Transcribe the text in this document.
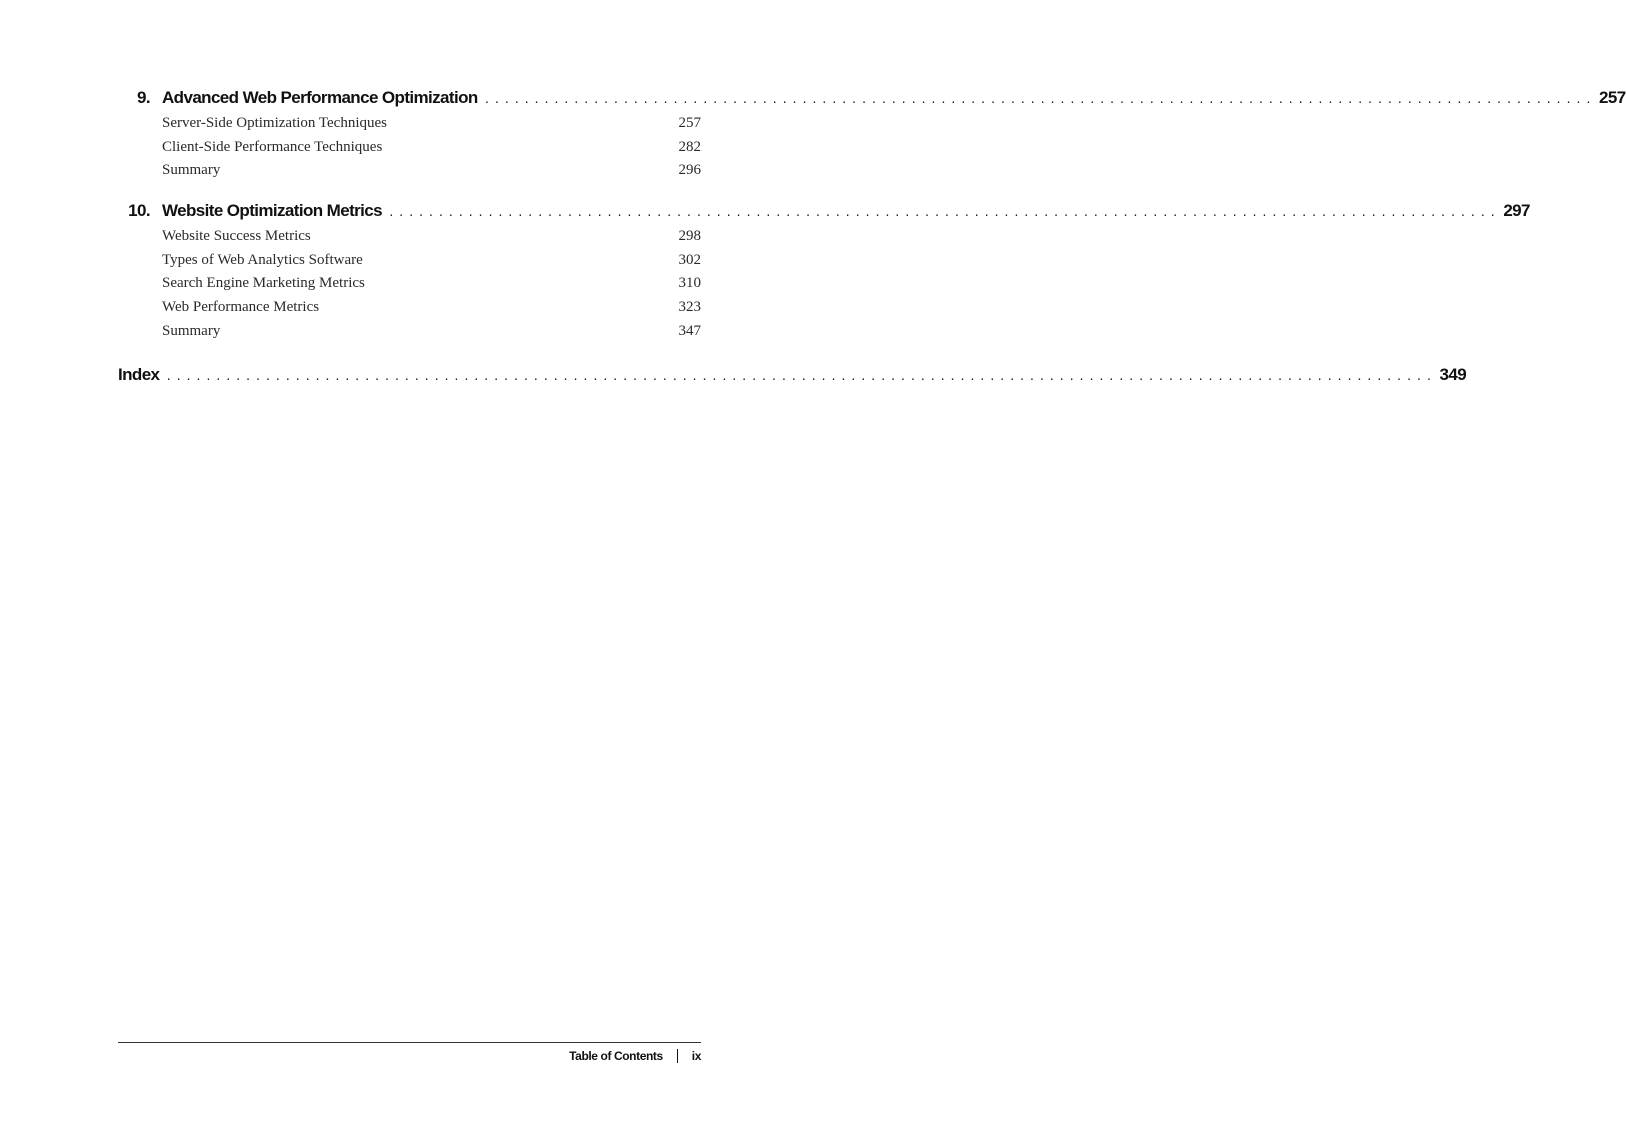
9. Advanced Web Performance Optimization ................................................................................................................ 257
Server-Side Optimization Techniques	257
Client-Side Performance Techniques	282
Summary	296
10. Website Optimization Metrics ................................................................................................................ 297
Website Success Metrics	298
Types of Web Analytics Software	302
Search Engine Marketing Metrics	310
Web Performance Metrics	323
Summary	347
Index ................................................................................................................................ 349
Table of Contents ix
